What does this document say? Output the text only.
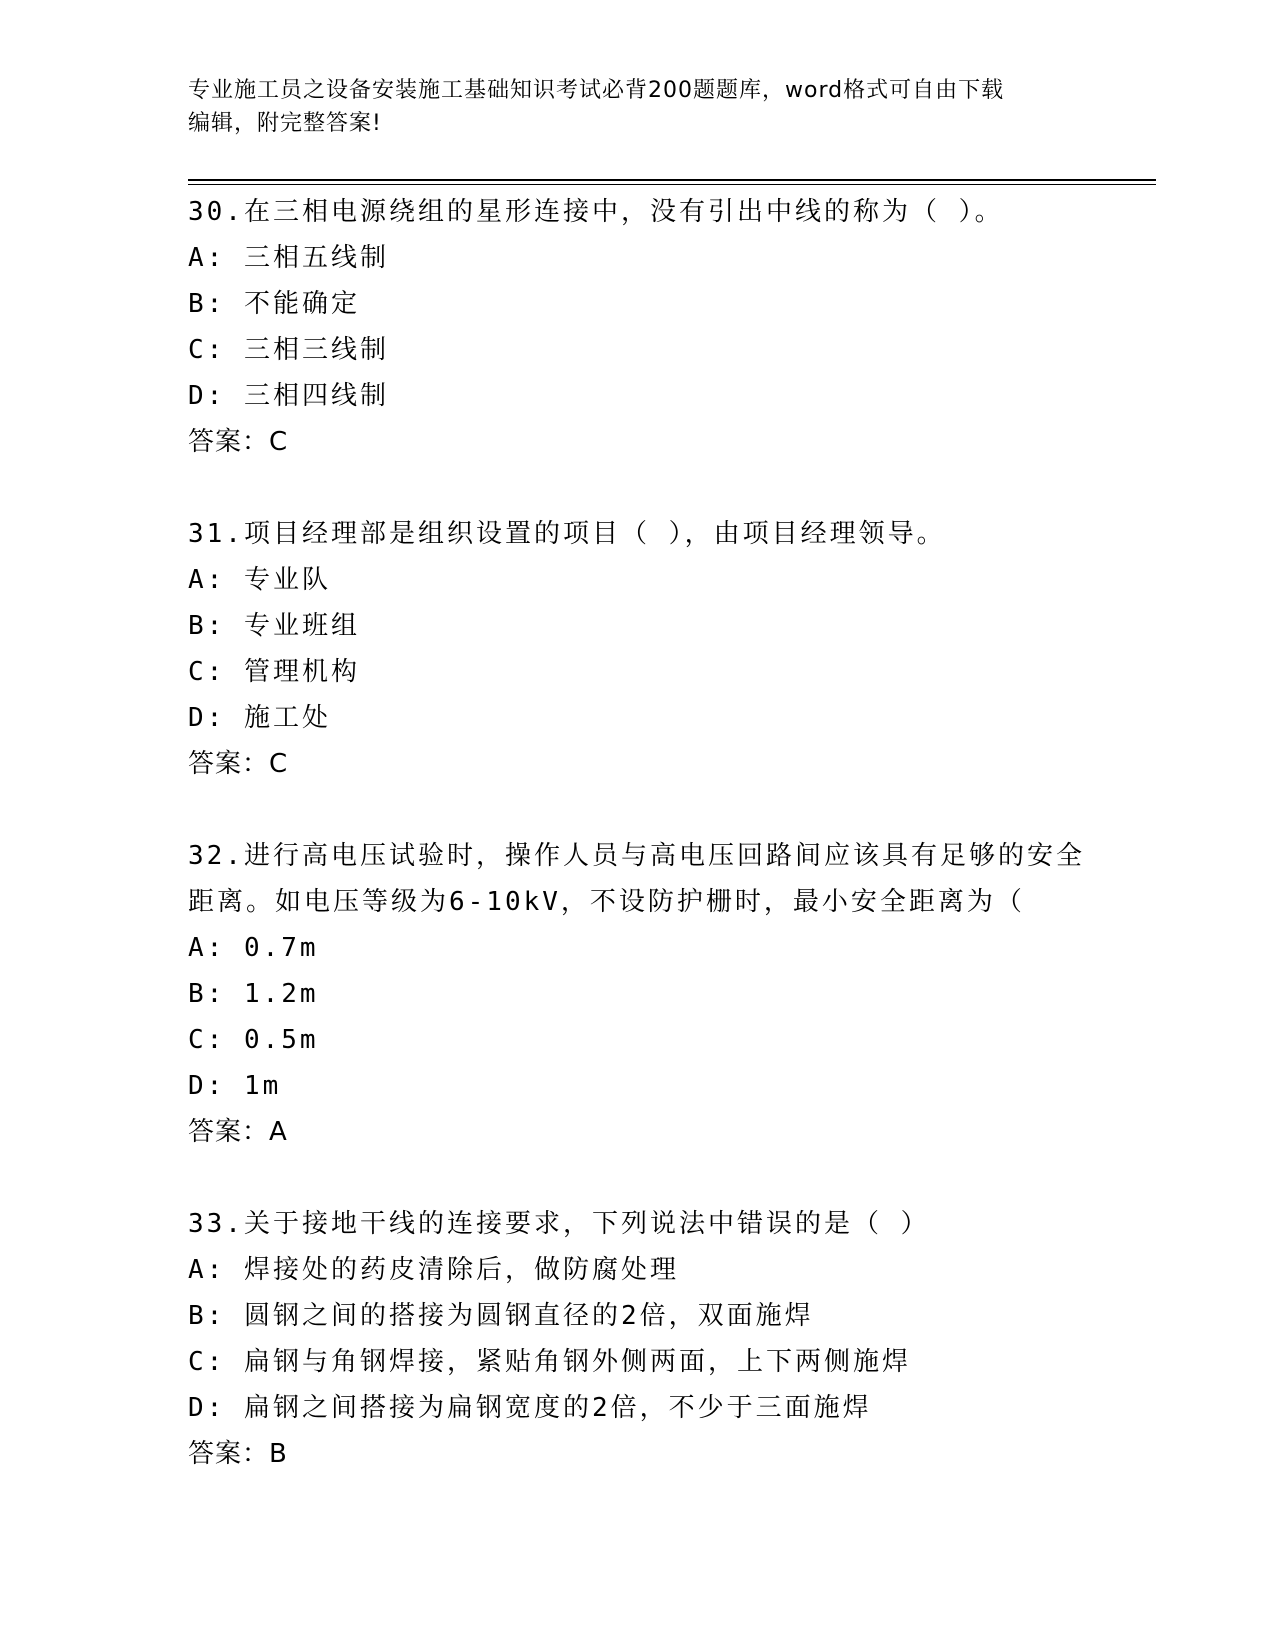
专业施工员之设备安装施工基础知识考试必背200题题库，word格式可自由下载
编辑，附完整答案!
30.在三相电源绕组的星形连接中，没有引出中线的称为（ ）。
A: 三相五线制
B: 不能确定
C: 三相三线制
D: 三相四线制
答案：C
31.项目经理部是组织设置的项目（ ），由项目经理领导。
A: 专业队
B: 专业班组
C: 管理机构
D: 施工处
答案：C
32.进行高电压试验时，操作人员与高电压回路间应该具有足够的安全
距离。如电压等级为6-10kV，不设防护栅时，最小安全距离为（
A: 0.7m
B: 1.2m
C: 0.5m
D: 1m
答案：A
33.关于接地干线的连接要求，下列说法中错误的是（ ）
A: 焊接处的药皮清除后，做防腐处理
B: 圆钢之间的搭接为圆钢直径的2倍，双面施焊
C: 扁钢与角钢焊接，紧贴角钢外侧两面，上下两侧施焊
D: 扁钢之间搭接为扁钢宽度的2倍，不少于三面施焊
答案：B
